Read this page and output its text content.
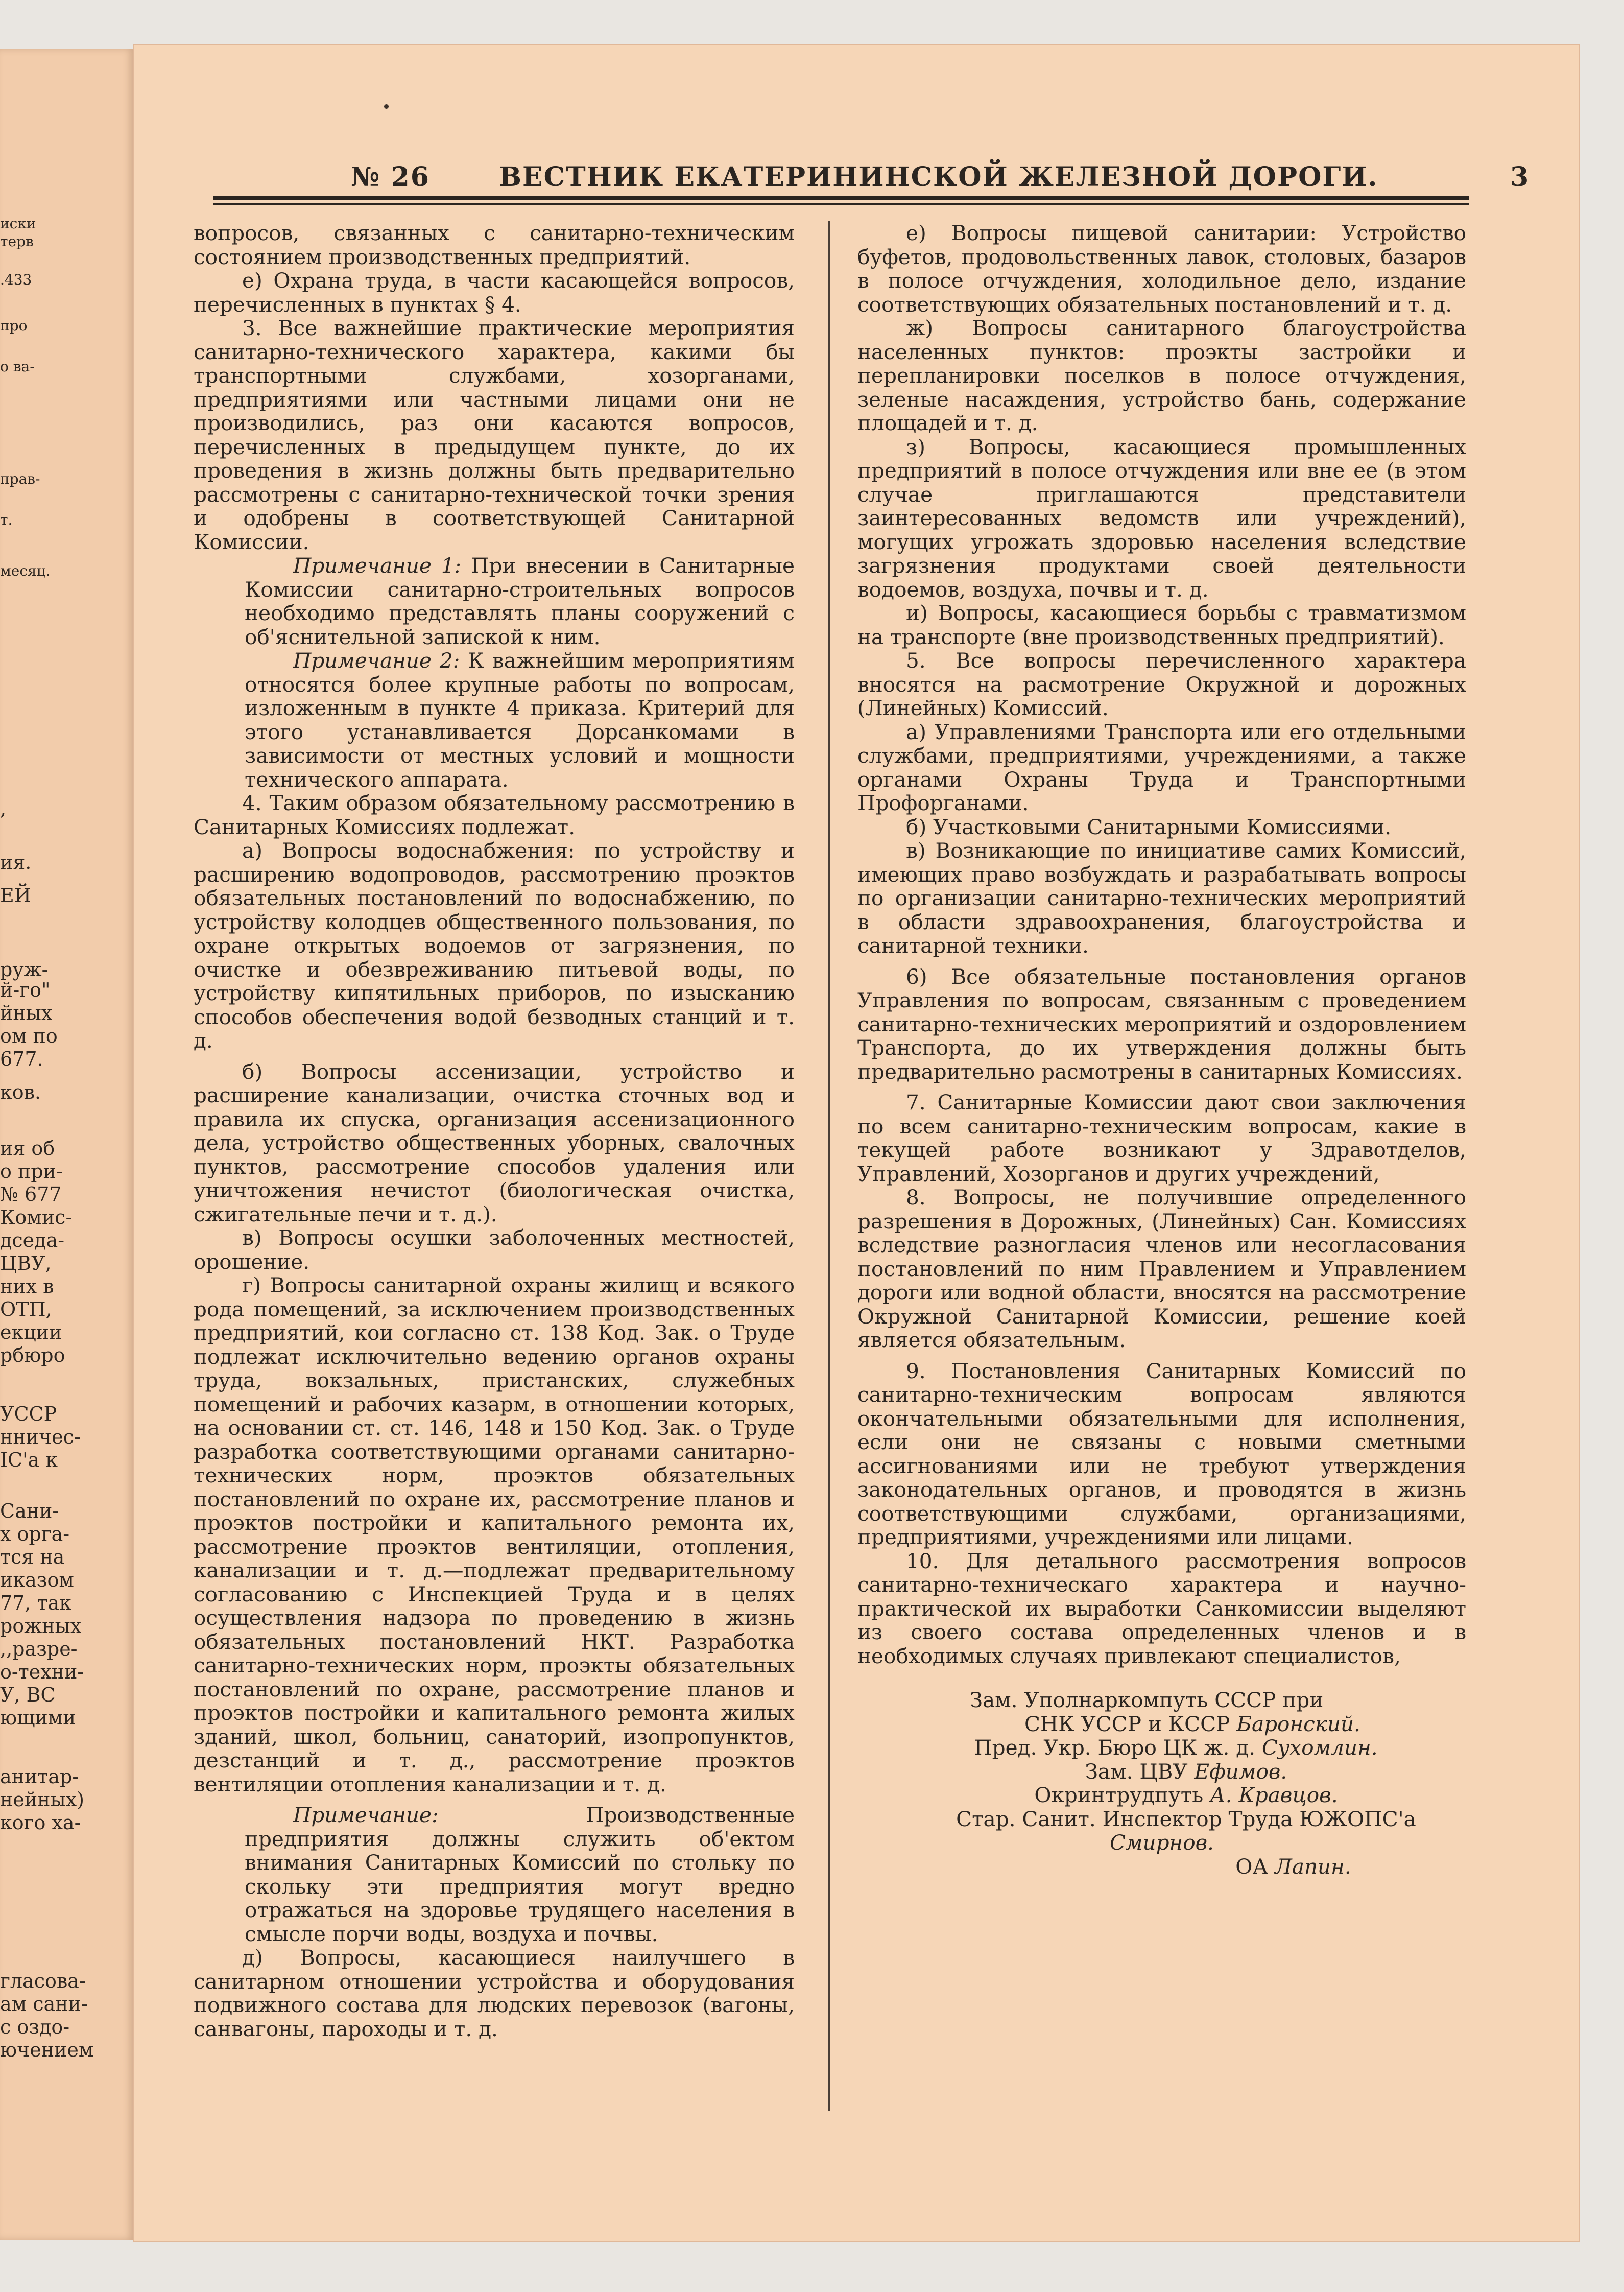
иски
терв
.433
про
о ва-
прав-
т.
месяц.
,
ия.
ЕЙ
руж-
й-го"
йных
ом по
677.
ков.
ия об
о при-
№ 677
Комис-
дседа-
ЦВУ,
них в
ОТП,
екции
рбюро
УССР
нничес-
IC'а к
Сани-
х орга-
тся на
иказом
77, так
рожных
,,разре-
о-техни-
У, ВС
ющими
анитар-
нейных)
кого ха-
гласова-
ам сани-
с оздо-
ючением
№ 26	ВЕСТНИК ЕКАТЕРИНИНСКОЙ ЖЕЛЕЗНОЙ ДОРОГИ.	3

вопросов, связанных с санитарно-техническим состоянием производственных предприятий.

е) Охрана труда, в части касающейся вопросов, перечисленных в пунктах § 4.

3. Все важнейшие практические мероприятия санитарно-технического характера, какими бы транспортными службами, хозорганами, предприятиями или частными лицами они не производились, раз они касаются вопросов, перечисленных в предыдущем пункте, до их проведения в жизнь должны быть предварительно рассмотрены с санитарно-технической точки зрения и одобрены в соответствующей Санитарной Комиссии.

Примечание 1: При внесении в Санитарные Комиссии санитарно-строительных вопросов необходимо представлять планы сооружений с об'яснительной запиской к ним.

Примечание 2: К важнейшим мероприятиям относятся более крупные работы по вопросам, изложенным в пункте 4 приказа. Критерий для этого устанавливается Дорсанкомами в зависимости от местных условий и мощности технического аппарата.

4. Таким образом обязательному рассмотрению в Санитарных Комиссиях подлежат.

а) Вопросы водоснабжения: по устройству и расширению водопроводов, рассмотрению проэктов обязательных постановлений по водоснабжению, по устройству колодцев общественного пользования, по охране открытых водоемов от загрязнения, по очистке и обезвреживанию питьевой воды, по устройству кипятильных приборов, по изысканию способов обеспечения водой безводных станций и т. д.

б) Вопросы ассенизации, устройство и расширение канализации, очистка сточных вод и правила их спуска, организация ассенизационного дела, устройство общественных уборных, свалочных пунктов, рассмотрение способов удаления или уничтожения нечистот (биологическая очистка, сжигательные печи и т. д.).

в) Вопросы осушки заболоченных местностей, орошение.

г) Вопросы санитарной охраны жилищ и всякого рода помещений, за исключением производственных предприятий, кои согласно ст. 138 Код. Зак. о Труде подлежат исключительно ведению органов охраны труда, вокзальных, пристанских, служебных помещений и рабочих казарм, в отношении которых, на основании ст. ст. 146, 148 и 150 Код. Зак. о Труде разработка соответствующими органами санитарно-технических норм, проэктов обязательных постановлений по охране их, рассмотрение планов и проэктов постройки и капитального ремонта их, рассмотрение проэктов вентиляции, отопления, канализации и т. д.—подлежат предварительному согласованию с Инспекцией Труда и в целях осуществления надзора по проведению в жизнь обязательных постановлений НКТ. Разработка санитарно-технических норм, проэкты обязательных постановлений по охране, рассмотрение планов и проэктов постройки и капитального ремонта жилых зданий, школ, больниц, санаторий, изопропунктов, дезстанций и т. д., рассмотрение проэктов вентиляции отопления канализации и т. д.

Примечание: Производственные предприятия должны служить об'ектом внимания Санитарных Комиссий по стольку по скольку эти предприятия могут вредно отражаться на здоровье трудящего населения в смысле порчи воды, воздуха и почвы.

д) Вопросы, касающиеся наилучшего в санитарном отношении устройства и оборудования подвижного состава для людских перевозок (вагоны, санвагоны, пароходы и т. д.

е) Вопросы пищевой санитарии: Устройство буфетов, продовольственных лавок, столовых, базаров в полосе отчуждения, холодильное дело, издание соответствующих обязательных постановлений и т. д.

ж) Вопросы санитарного благоустройства населенных пунктов: проэкты застройки и перепланировки поселков в полосе отчуждения, зеленые насаждения, устройство бань, содержание площадей и т. д.

з) Вопросы, касающиеся промышленных предприятий в полосе отчуждения или вне ее (в этом случае приглашаются представители заинтересованных ведомств или учреждений), могущих угрожать здоровью населения вследствие загрязнения продуктами своей деятельности водоемов, воздуха, почвы и т. д.

и) Вопросы, касающиеся борьбы с травматизмом на транспорте (вне производственных предприятий).

5. Все вопросы перечисленного характера вносятся на расмотрение Окружной и дорожных (Линейных) Комиссий.

а) Управлениями Транспорта или его отдельными службами, предприятиями, учреждениями, а также органами Охраны Труда и Транспортными Профорганами.

б) Участковыми Санитарными Комиссиями.

в) Возникающие по инициативе самих Комиссий, имеющих право возбуждать и разрабатывать вопросы по организации санитарно-технических мероприятий в области здравоохранения, благоустройства и санитарной техники.

6) Все обязательные постановления органов Управления по вопросам, связанным с проведением санитарно-технических мероприятий и оздоровлением Транспорта, до их утверждения должны быть предварительно расмотрены в санитарных Комиссиях.

7. Санитарные Комиссии дают свои заключения по всем санитарно-техническим вопросам, какие в текущей работе возникают у Здравотделов, Управлений, Хозорганов и других учреждений,

8. Вопросы, не получившие определенного разрешения в Дорожных, (Линейных) Сан. Комиссиях вследствие разногласия членов или несогласования постановлений по ним Правлением и Управлением дороги или водной области, вносятся на рассмотрение Окружной Санитарной Комиссии, решение коей является обязательным.

9. Постановления Санитарных Комиссий по санитарно-техническим вопросам являются окончательными обязательными для исполнения, если они не связаны с новыми сметными ассигнованиями или не требуют утверждения законодательных органов, и проводятся в жизнь соответствующими службами, организациями, предприятиями, учреждениями или лицами.

10. Для детального рассмотрения вопросов санитарно-техническаго характера и научно-практической их выработки Санкомиссии выделяют из своего состава определенных членов и в необходимых случаях привлекают специалистов,

Зам. Уполнаркомпуть СССР при

СНК УССР и КССР Баронский.

Пред. Укр. Бюро ЦК ж. д. Сухомлин.

Зам. ЦВУ Ефимов.

Окринтрудпуть А. Кравцов.

Стар. Санит. Инспектор Труда ЮЖОПС'а Смирнов.

ОА Лапин.
